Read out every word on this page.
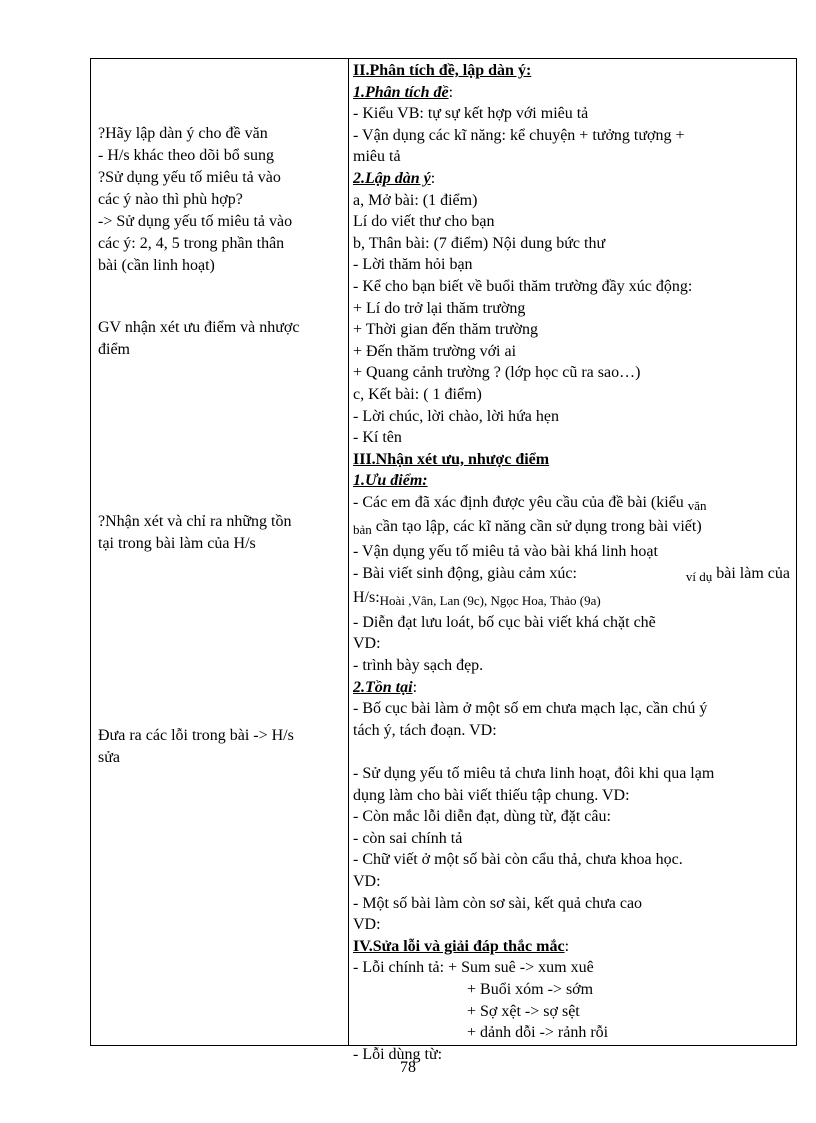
?Hãy lập dàn ý cho đề văn
- H/s khác theo dõi bổ sung
?Sử dụng yếu tố miêu tả vào
các ý nào thì phù hợp?
-> Sử dụng yếu tố miêu tả vào
các ý: 2, 4, 5 trong phần thân
bài (cần linh hoạt)
GV nhận xét ưu điểm và nhược
điểm
?Nhận xét và chỉ ra những tồn
tại trong bài làm của H/s
Đưa ra các lỗi trong bài -> H/s
sửa
II.Phân tích đề, lập dàn ý:
1.Phân tích đề:
- Kiểu VB: tự sự kết hợp với miêu tả
- Vận dụng các kĩ năng: kể chuyện + tưởng tượng +
miêu tả
2.Lập dàn ý:
a, Mở bài: (1 điểm)
Lí do viết thư cho bạn
b, Thân bài: (7 điểm) Nội dung bức thư
- Lời thăm hỏi bạn
- Kể cho bạn biết về buổi thăm trường đầy xúc động:
+ Lí do trở lại thăm trường
+ Thời gian đến thăm trường
+ Đến thăm trường với ai
+ Quang cảnh trường ? (lớp học cũ ra sao…)
c, Kết bài: ( 1 điểm)
- Lời chúc, lời chào, lời hứa hẹn
- Kí tên
III.Nhận xét ưu, nhược điểm
1.Ưu điểm:
- Các em đã xác định được yêu cầu của đề bài (kiểu $_{văn}$
$_{bản}$ cần tạo lập, các kĩ năng cần sử dụng trong bài viết)
- Vận dụng yếu tố miêu tả vào bài khá linh hoạt
- Bài viết sinh động, giàu cảm xúc:	$_{ví dụ}$ bài làm của
$H/s:_{Hoài ,Vân, Lan (9c), Ngọc Hoa, Thảo (9a)}$
- Diễn đạt lưu loát, bố cục bài viết khá chặt chẽ
VD:
- trình bày sạch đẹp.
2.Tồn tại:
- Bố cục bài làm ở một số em chưa mạch lạc, cần chú ý
tách ý, tách đoạn. VD:
- Sử dụng yếu tố miêu tả chưa linh hoạt, đôi khi qua lạm
dụng làm cho bài viết thiếu tập chung. VD:
- Còn mắc lỗi diễn đạt, dùng từ, đặt câu:
- còn sai chính tả
- Chữ viết ở một số bài còn cẩu thả, chưa khoa học.
VD:
- Một số bài làm còn sơ sài, kết quả chưa cao
VD:
IV.Sửa lỗi và giải đáp thắc mắc:
- Lỗi chính tả: + Sum suê -> xum xuê
+ Buổi xóm -> sớm
+ Sợ xệt -> sợ sệt
+ dảnh dỗi -> rảnh rỗi
- Lỗi dùng từ:
78
